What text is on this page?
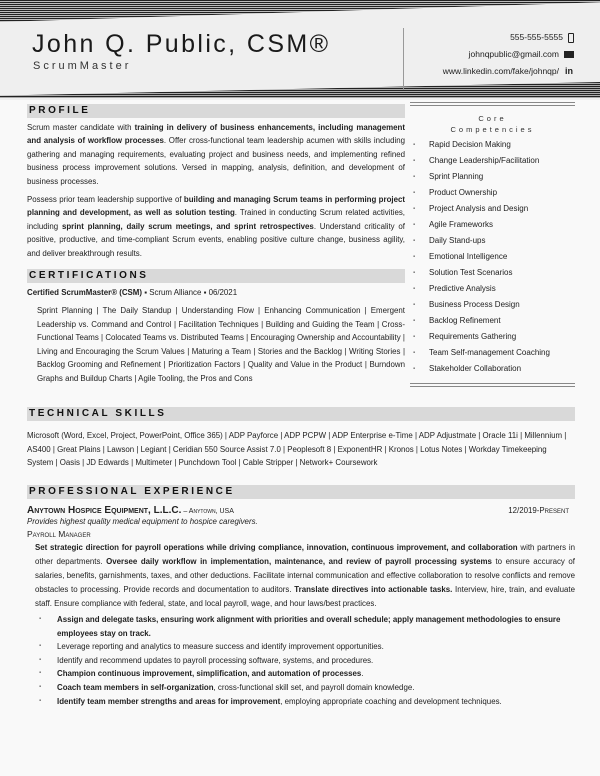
John Q. Public, CSM®
ScrumMaster
555-555-5555
johnqpublic@gmail.com
www.linkedin.com/fake/johnqp/ in
PROFILE
Scrum master candidate with training in delivery of business enhancements, including management and analysis of workflow processes. Offer cross-functional team leadership acumen with skills including gathering and managing requirements, evaluating project and business needs, and implementing refined business process improvement solutions. Versed in mapping, analysis, definition, and development of business processes.
Possess prior team leadership supportive of building and managing Scrum teams in performing project planning and development, as well as solution testing. Trained in conducting Scrum related activities, including sprint planning, daily scrum meetings, and sprint retrospectives. Understand criticality of positive, productive, and time-compliant Scrum events, enabling positive culture change, business agility, and deliver breakthrough results.
CERTIFICATIONS
Certified ScrumMaster® (CSM) ▪ Scrum Alliance ▪ 06/2021
Sprint Planning | The Daily Standup | Understanding Flow | Enhancing Communication | Emergent Leadership vs. Command and Control | Facilitation Techniques | Building and Guiding the Team | Cross-Functional Teams | Colocated Teams vs. Distributed Teams | Encouraging Ownership and Accountability | Living and Encouraging the Scrum Values | Maturing a Team | Stories and the Backlog | Writing Stories | Backlog Grooming and Refinement | Prioritization Factors | Quality and Value in the Product | Burndown Graphs and Buildup Charts | Agile Tooling, the Pros and Cons
Core
Competencies
▪ Rapid Decision Making
▪ Change Leadership/Facilitation
▪ Sprint Planning
▪ Product Ownership
▪ Project Analysis and Design
▪ Agile Frameworks
▪ Daily Stand-ups
▪ Emotional Intelligence
▪ Solution Test Scenarios
▪ Predictive Analysis
▪ Business Process Design
▪ Backlog Refinement
▪ Requirements Gathering
▪ Team Self-management Coaching
▪ Stakeholder Collaboration
TECHNICAL SKILLS
Microsoft (Word, Excel, Project, PowerPoint, Office 365) | ADP Payforce | ADP PCPW | ADP Enterprise e-Time | ADP Adjustmate | Oracle 11i | Millennium | AS400 | Great Plains | Lawson | Legiant | Ceridian 550 Source Assist 7.0 | Peoplesoft 8 | ExponentHR | Kronos | Lotus Notes | Workday Timekeeping System | Oasis | JD Edwards | Multimeter | Punchdown Tool | Cable Stripper | Network+ Coursework
PROFESSIONAL EXPERIENCE
Anytown Hospice Equipment, L.L.C. – Anytown, USA	12/2019-Present
Provides highest quality medical equipment to hospice caregivers.
Payroll Manager
Set strategic direction for payroll operations while driving compliance, innovation, continuous improvement, and collaboration with partners in other departments. Oversee daily workflow in implementation, maintenance, and review of payroll processing systems to ensure accuracy of salaries, benefits, garnishments, taxes, and other deductions. Facilitate internal communication and effective collaboration to resolve conflicts and remove obstacles to processing. Provide records and documentation to auditors. Translate directives into actionable tasks. Interview, hire, train, and evaluate staff. Ensure compliance with federal, state, and local payroll, wage, and hour laws/best practices.
▪ Assign and delegate tasks, ensuring work alignment with priorities and overall schedule; apply management methodologies to ensure employees stay on track.
▪ Leverage reporting and analytics to measure success and identify improvement opportunities.
▪ Identify and recommend updates to payroll processing software, systems, and procedures.
▪ Champion continuous improvement, simplification, and automation of processes.
▪ Coach team members in self-organization, cross-functional skill set, and payroll domain knowledge.
▪ Identify team member strengths and areas for improvement, employing appropriate coaching and development techniques.
